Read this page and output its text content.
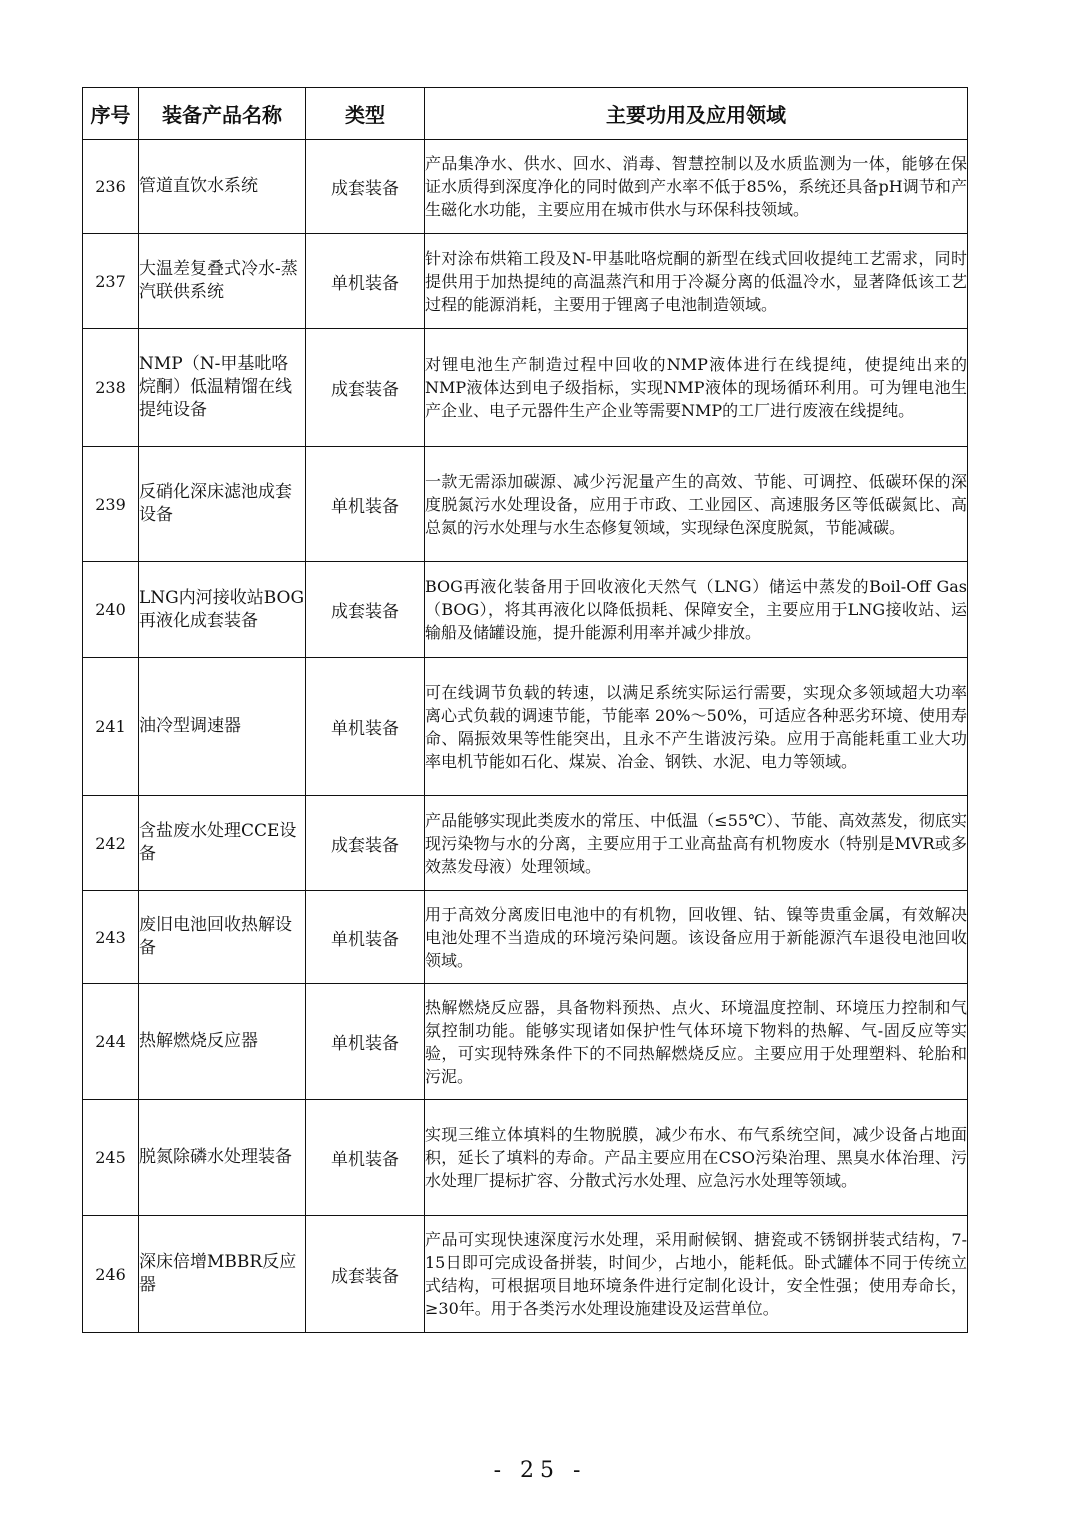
序号	装备产品名称	类型	主要功用及应用领域
236	管道直饮水系统	成套装备	产品集净水、供水、回水、消毒、智慧控制以及水质监测为一体，能够在保证水质得到深度净化的同时做到产水率不低于85%，系统还具备pH调节和产生磁化水功能，主要应用在城市供水与环保科技领域。
237	大温差复叠式冷水-蒸汽联供系统	单机装备	针对涂布烘箱工段及N-甲基吡咯烷酮的新型在线式回收提纯工艺需求，同时提供用于加热提纯的高温蒸汽和用于冷凝分离的低温冷水，显著降低该工艺过程的能源消耗，主要用于锂离子电池制造领域。
238	NMP（N-甲基吡咯烷酮）低温精馏在线提纯设备	成套装备	对锂电池生产制造过程中回收的NMP液体进行在线提纯，使提纯出来的NMP液体达到电子级指标，实现NMP液体的现场循环利用。可为锂电池生产企业、电子元器件生产企业等需要NMP的工厂进行废液在线提纯。
239	反硝化深床滤池成套设备	单机装备	一款无需添加碳源、减少污泥量产生的高效、节能、可调控、低碳环保的深度脱氮污水处理设备，应用于市政、工业园区、高速服务区等低碳氮比、高总氮的污水处理与水生态修复领域，实现绿色深度脱氮，节能减碳。
240	LNG内河接收站BOG再液化成套装备	成套装备	BOG再液化装备用于回收液化天然气（LNG）储运中蒸发的Boil-Off Gas（BOG），将其再液化以降低损耗、保障安全，主要应用于LNG接收站、运输船及储罐设施，提升能源利用率并减少排放。
241	油冷型调速器	单机装备	可在线调节负载的转速，以满足系统实际运行需要，实现众多领域超大功率离心式负载的调速节能，节能率 20%～50%，可适应各种恶劣环境、使用寿命、隔振效果等性能突出，且永不产生谐波污染。应用于高能耗重工业大功率电机节能如石化、煤炭、冶金、钢铁、水泥、电力等领域。
242	含盐废水处理CCE设备	成套装备	产品能够实现此类废水的常压、中低温（≤55℃）、节能、高效蒸发，彻底实现污染物与水的分离，主要应用于工业高盐高有机物废水（特别是MVR或多效蒸发母液）处理领域。
243	废旧电池回收热解设备	单机装备	用于高效分离废旧电池中的有机物，回收锂、钴、镍等贵重金属，有效解决电池处理不当造成的环境污染问题。该设备应用于新能源汽车退役电池回收领域。
244	热解燃烧反应器	单机装备	热解燃烧反应器，具备物料预热、点火、环境温度控制、环境压力控制和气氛控制功能。能够实现诸如保护性气体环境下物料的热解、气-固反应等实验，可实现特殊条件下的不同热解燃烧反应。主要应用于处理塑料、轮胎和污泥。
245	脱氮除磷水处理装备	单机装备	实现三维立体填料的生物脱膜，减少布水、布气系统空间，减少设备占地面积，延长了填料的寿命。产品主要应用在CSO污染治理、黑臭水体治理、污水处理厂提标扩容、分散式污水处理、应急污水处理等领域。
246	深床倍增MBBR反应器	成套装备	产品可实现快速深度污水处理，采用耐候钢、搪瓷或不锈钢拼装式结构，7-15日即可完成设备拼装，时间少，占地小，能耗低。卧式罐体不同于传统立式结构，可根据项目地环境条件进行定制化设计，安全性强；使用寿命长，≥30年。用于各类污水处理设施建设及运营单位。
- 25 -
